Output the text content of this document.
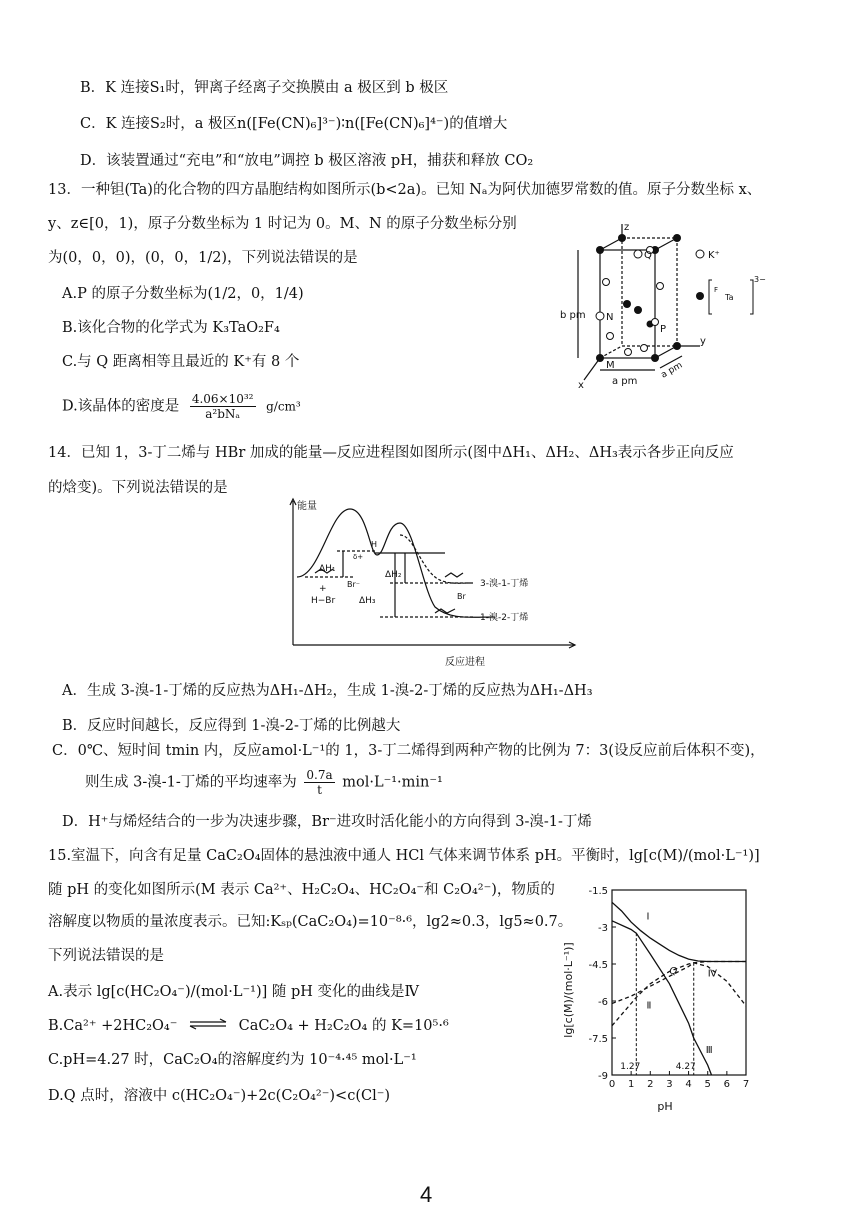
B．K 连接S₁时，钾离子经离子交换膜由 a 极区到 b 极区
C．K 连接S₂时，a 极区n([Fe(CN)₆]³⁻)∶n([Fe(CN)₆]⁴⁻)的值增大
D．该装置通过“充电”和“放电”调控 b 极区溶液 pH，捕获和释放 CO₂
13．一种钽(Ta)的化合物的四方晶胞结构如图所示(b<2a)。已知 Nₐ为阿伏加德罗常数的值。原子分数坐标 x、
y、z∈[0，1)，原子分数坐标为 1 时记为 0。M、N 的原子分数坐标分别
为(0，0，0)，(0，0，1/2)，下列说法错误的是
A.P 的原子分数坐标为(1/2，0，1/4)
B.该化合物的化学式为 K₃TaO₂F₄
C.与 Q 距离相等且最近的 K⁺有 8 个
D.该晶体的密度是 4.06×10³²
a²bNₐ
g/cm³
z
y
x
b pm
a pm
a pm
Q
N
P
M
K⁺
Ta
F
3−
14．已知 1，3-丁二烯与 HBr 加成的能量—反应进程图如图所示(图中ΔH₁、ΔH₂、ΔH₃表示各步正向反应
的焓变)。下列说法错误的是
能量
反应进程
ΔH₁
ΔH₂
ΔH₃
3-溴-1-丁烯
1-溴-2-丁烯
+
H−Br
Br⁻
H
δ+
Br
A．生成 3-溴-1-丁烯的反应热为ΔH₁-ΔH₂，生成 1-溴-2-丁烯的反应热为ΔH₁-ΔH₃
B．反应时间越长，反应得到 1-溴-2-丁烯的比例越大
C．0℃、短时间 tmin 内，反应amol·L⁻¹的 1，3-丁二烯得到两种产物的比例为 7：3(设反应前后体积不变)，
则生成 3-溴-1-丁烯的平均速率为 $\frac{0.7a}{t} mol\cdot L^{-1}\cdot\min^{-1}$
D．H⁺与烯烃结合的一步为决速步骤，Br⁻进攻时活化能小的方向得到 3-溴-1-丁烯
15.室温下，向含有足量 CaC₂O₄固体的悬浊液中通人 HCl 气体来调节体系 pH。平衡时，lg[c(M)/(mol·L⁻¹)]
随 pH 的变化如图所示(M 表示 Ca²⁺、H₂C₂O₄、HC₂O₄⁻和 C₂O₄²⁻)，物质的
溶解度以物质的量浓度表示。已知:Kₛₚ(CaC₂O₄)=10⁻⁸·⁶，lg2≈0.3，lg5≈0.7。
下列说法错误的是
A.表示 lg[c(HC₂O₄⁻)/(mol·L⁻¹)] 随 pH 变化的曲线是Ⅳ
B.Ca²⁺ +2HC₂O₄⁻ ⇌ CaC₂O₄ + H₂C₂O₄ 的 K=10⁵·⁶
C.pH=4.27 时，CaC₂O₄的溶解度约为 10⁻⁴·⁴⁵ mol·L⁻¹
D.Q 点时，溶液中 c(HC₂O₄⁻)+2c(C₂O₄²⁻)<c(Cl⁻)
0 1 2 3 4 5 6 7
-1.5
-3
-4.5
-6
-7.5
-9
1.27	4.27
Q
Ⅰ
Ⅱ
Ⅲ
Ⅳ
pH
lg[c(M)/(mol·L⁻¹)]
4
